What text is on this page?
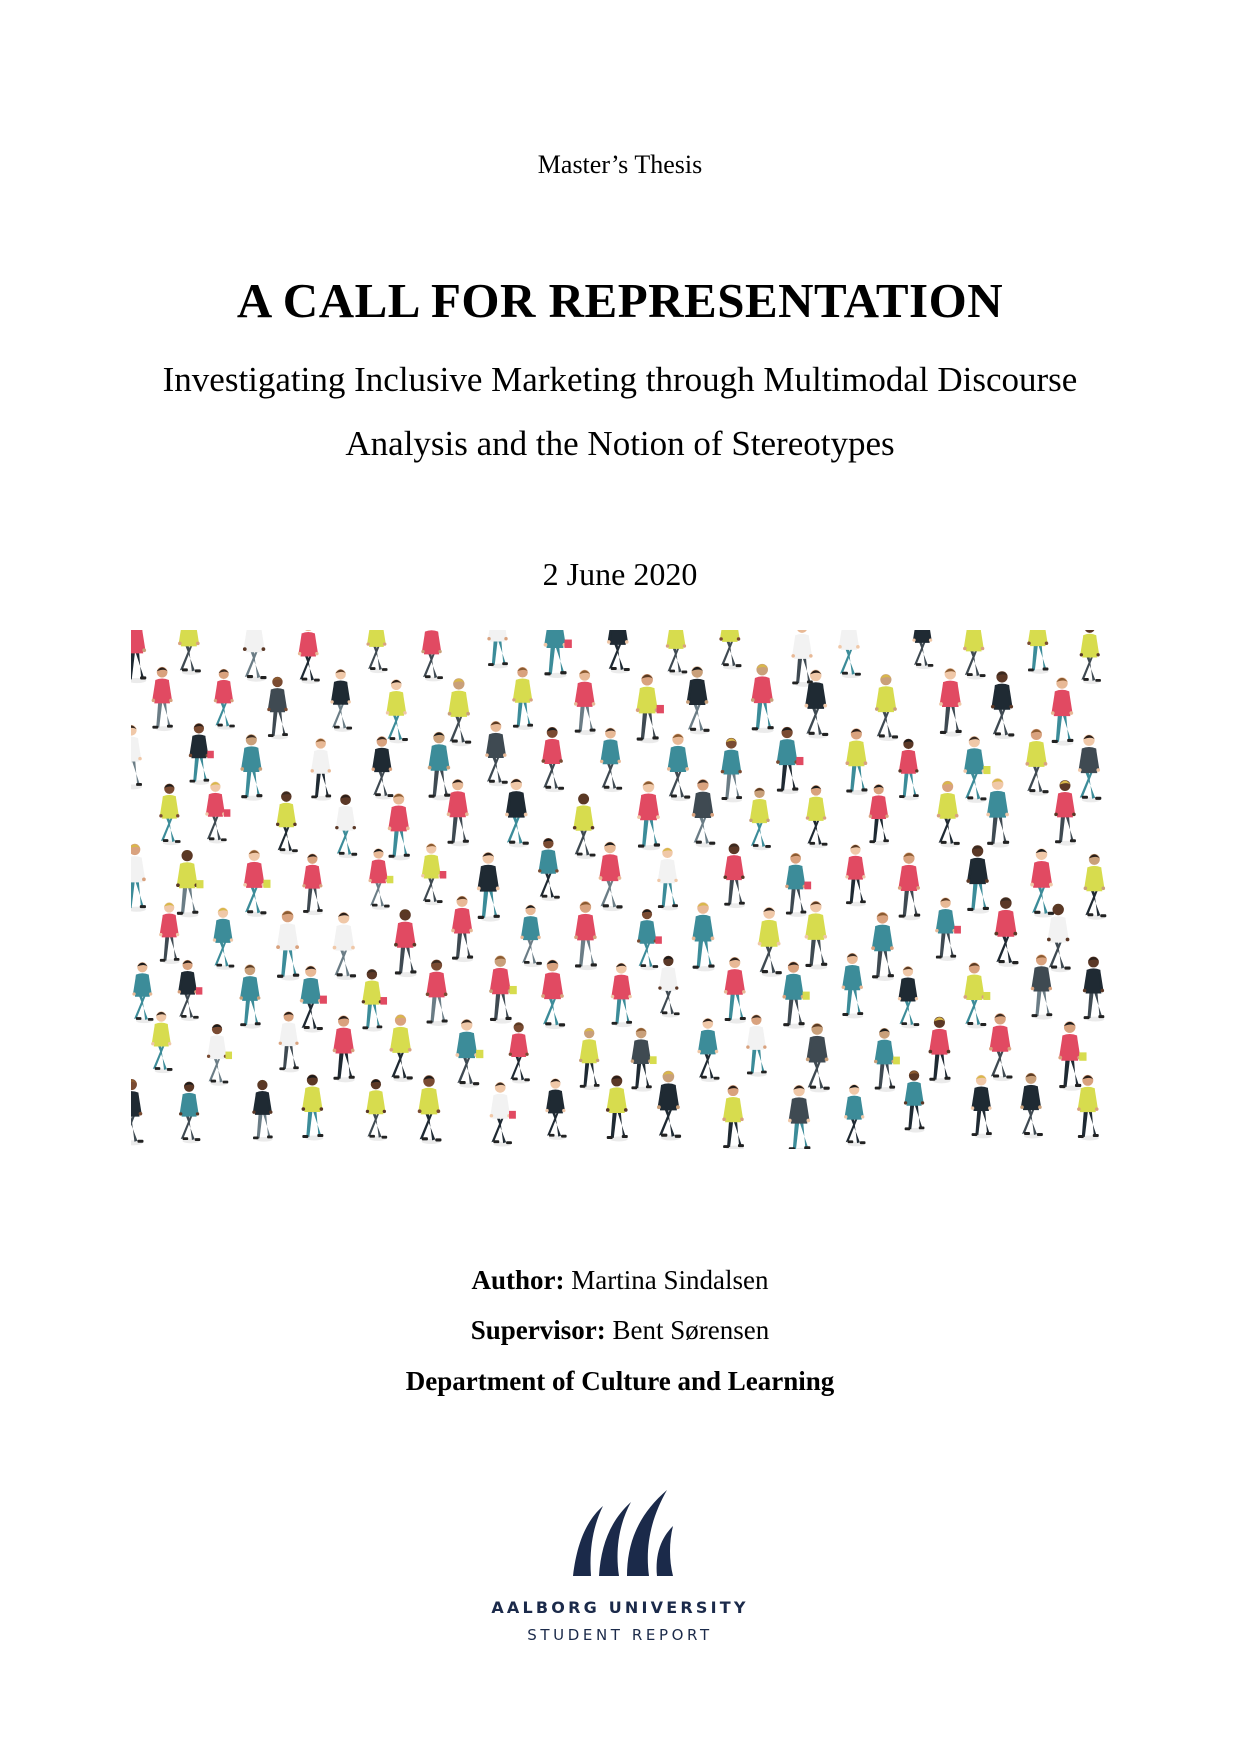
Master’s Thesis
A CALL FOR REPRESENTATION
Investigating Inclusive Marketing through Multimodal Discourse
Analysis and the Notion of Stereotypes
2 June 2020
Author: Martina Sindalsen
Supervisor: Bent Sørensen
Department of Culture and Learning
AALBORG UNIVERSITY
STUDENT REPORT
